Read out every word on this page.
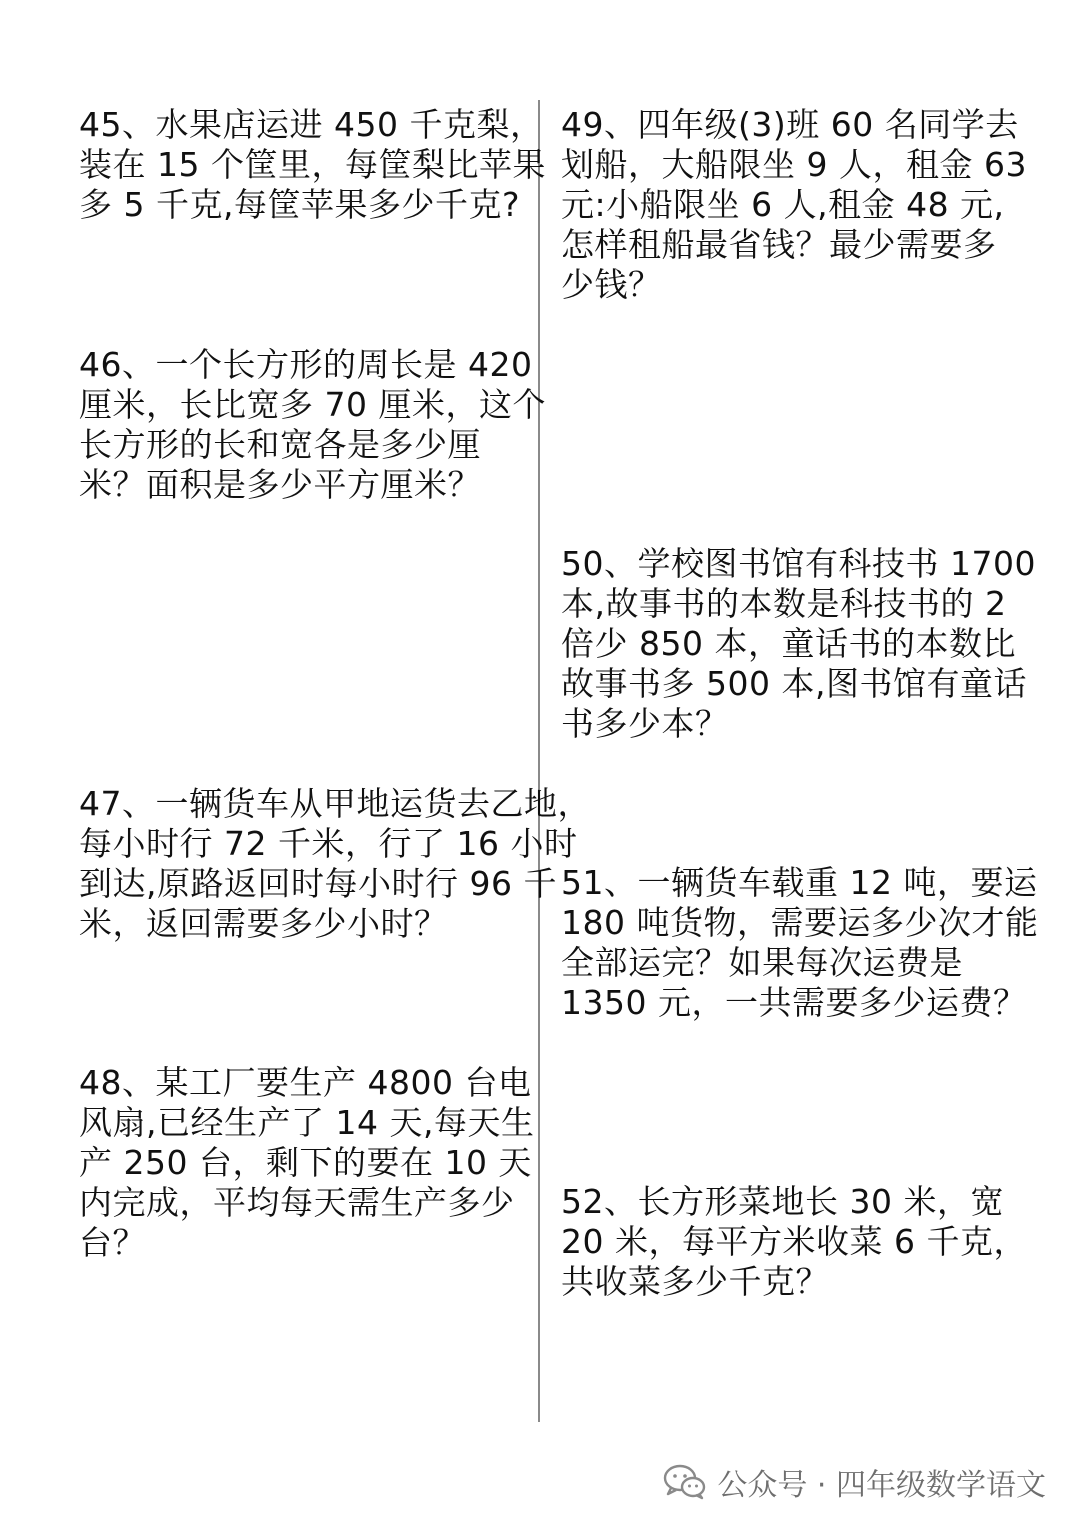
45、水果店运进 450 千克梨，
装在 15 个筐里，每筐梨比苹果
多 5 千克,每筐苹果多少千克?
46、一个长方形的周长是 420
厘米，长比宽多 70 厘米，这个
长方形的长和宽各是多少厘
米？面积是多少平方厘米？
47、一辆货车从甲地运货去乙地，
每小时行 72 千米，行了 16 小时
到达,原路返回时每小时行 96 千
米，返回需要多少小时？
48、某工厂要生产 4800 台电
风扇,已经生产了 14 天,每天生
产 250 台，剩下的要在 10 天
内完成，平均每天需生产多少
台？
49、四年级(3)班 60 名同学去
划船，大船限坐 9 人，租金 63
元:小船限坐 6 人,租金 48 元,
怎样租船最省钱？最少需要多
少钱？
50、学校图书馆有科技书 1700
本,故事书的本数是科技书的 2
倍少 850 本，童话书的本数比
故事书多 500 本,图书馆有童话
书多少本？
51、一辆货车载重 12 吨，要运
180 吨货物，需要运多少次才能
全部运完？如果每次运费是
1350 元，一共需要多少运费？
52、长方形菜地长 30 米，宽
20 米，每平方米收菜 6 千克，
共收菜多少千克？
公众号 · 四年级数学语文
